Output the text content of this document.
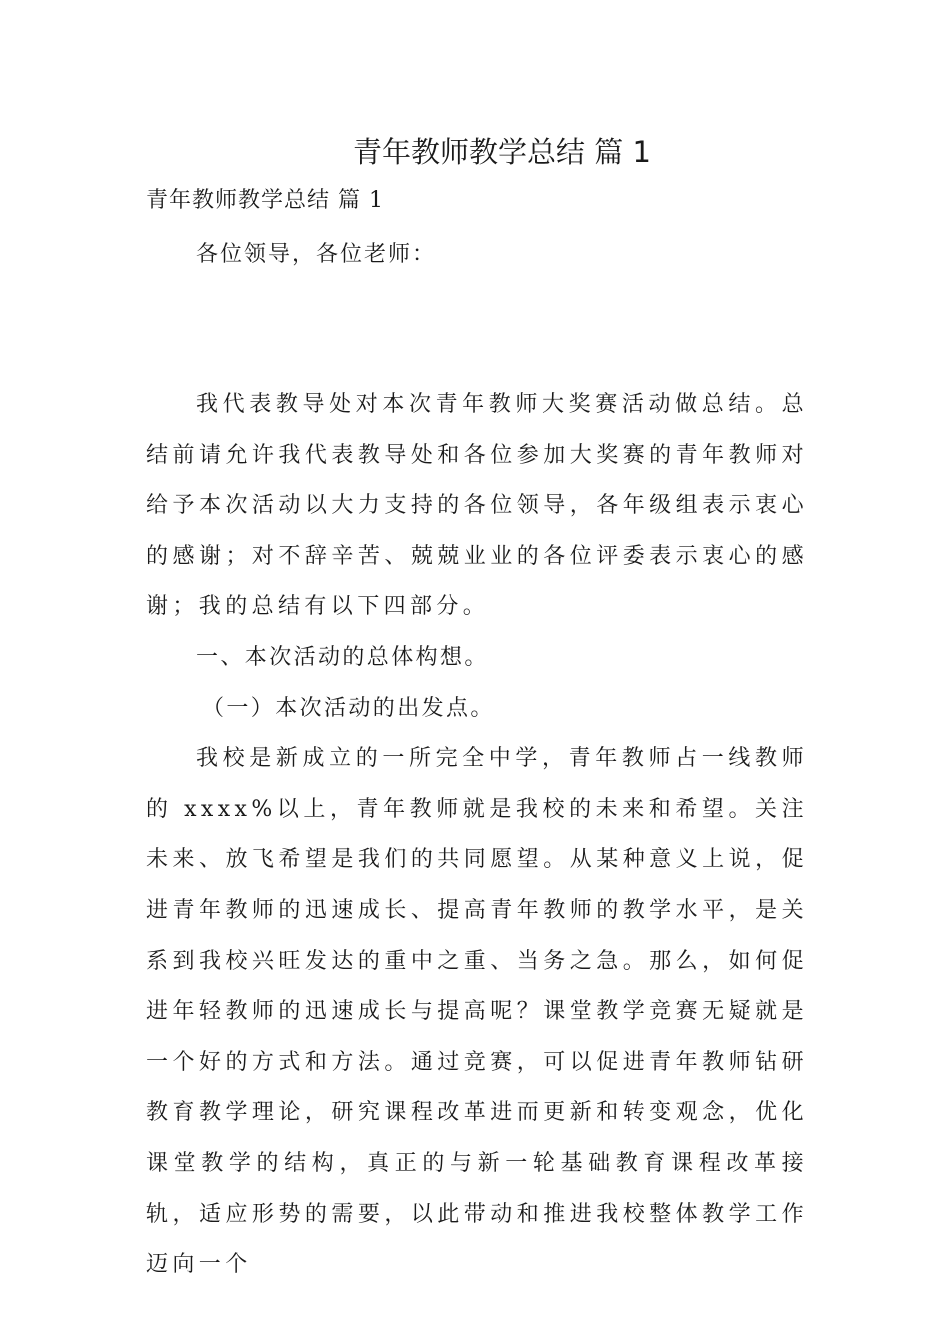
青年教师教学总结 篇 1

青年教师教学总结 篇 1

各位领导，各位老师：

我代表教导处对本次青年教师大奖赛活动做总结。总结前请允许我代表教导处和各位参加大奖赛的青年教师对给予本次活动以大力支持的各位领导，各年级组表示衷心的感谢；对不辞辛苦、兢兢业业的各位评委表示衷心的感谢；我的总结有以下四部分。

一、本次活动的总体构想。

（一）本次活动的出发点。

我校是新成立的一所完全中学，青年教师占一线教师的 xxxx%以上，青年教师就是我校的未来和希望。关注未来、放飞希望是我们的共同愿望。从某种意义上说，促进青年教师的迅速成长、提高青年教师的教学水平，是关系到我校兴旺发达的重中之重、当务之急。那么，如何促进年轻教师的迅速成长与提高呢？课堂教学竞赛无疑就是一个好的方式和方法。通过竞赛，可以促进青年教师钻研教育教学理论，研究课程改革进而更新和转变观念，优化课堂教学的结构，真正的与新一轮基础教育课程改革接轨，适应形势的需要，以此带动和推进我校整体教学工作迈向一个
